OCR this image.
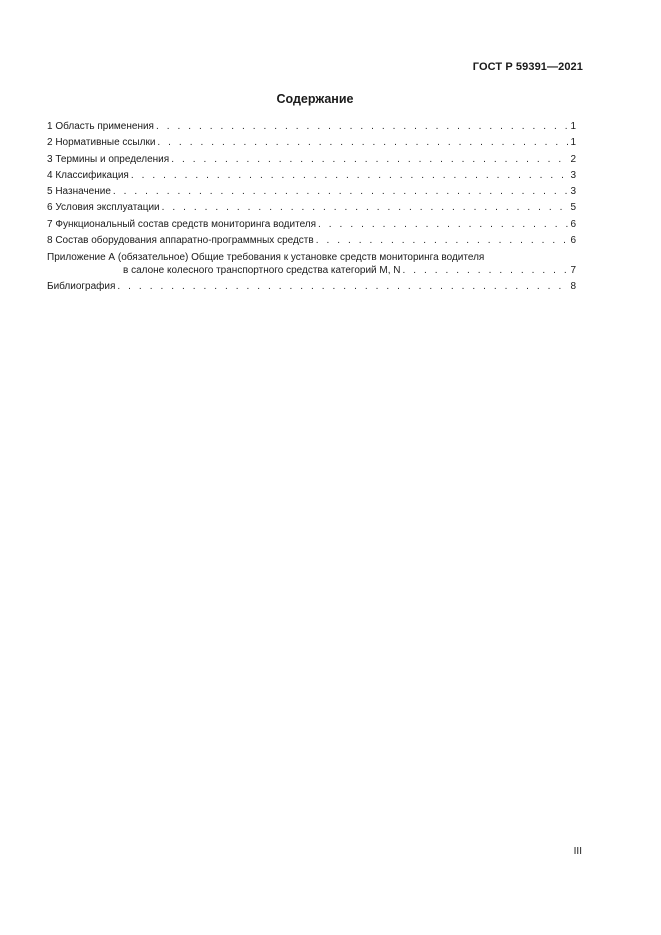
ГОСТ Р 59391—2021
Содержание
1 Область применения . . .	1
2 Нормативные ссылки . . .	1
3 Термины и определения . . .	2
4 Классификация . . .	3
5 Назначение . . .	3
6 Условия эксплуатации . . .	5
7 Функциональный состав средств мониторинга водителя . . .	6
8 Состав оборудования аппаратно-программных средств . . .	6
Приложение А (обязательное) Общие требования к установке средств мониторинга водителя
в салоне колесного транспортного средства категорий M, N . . .	7
Библиография . . .	8
III
